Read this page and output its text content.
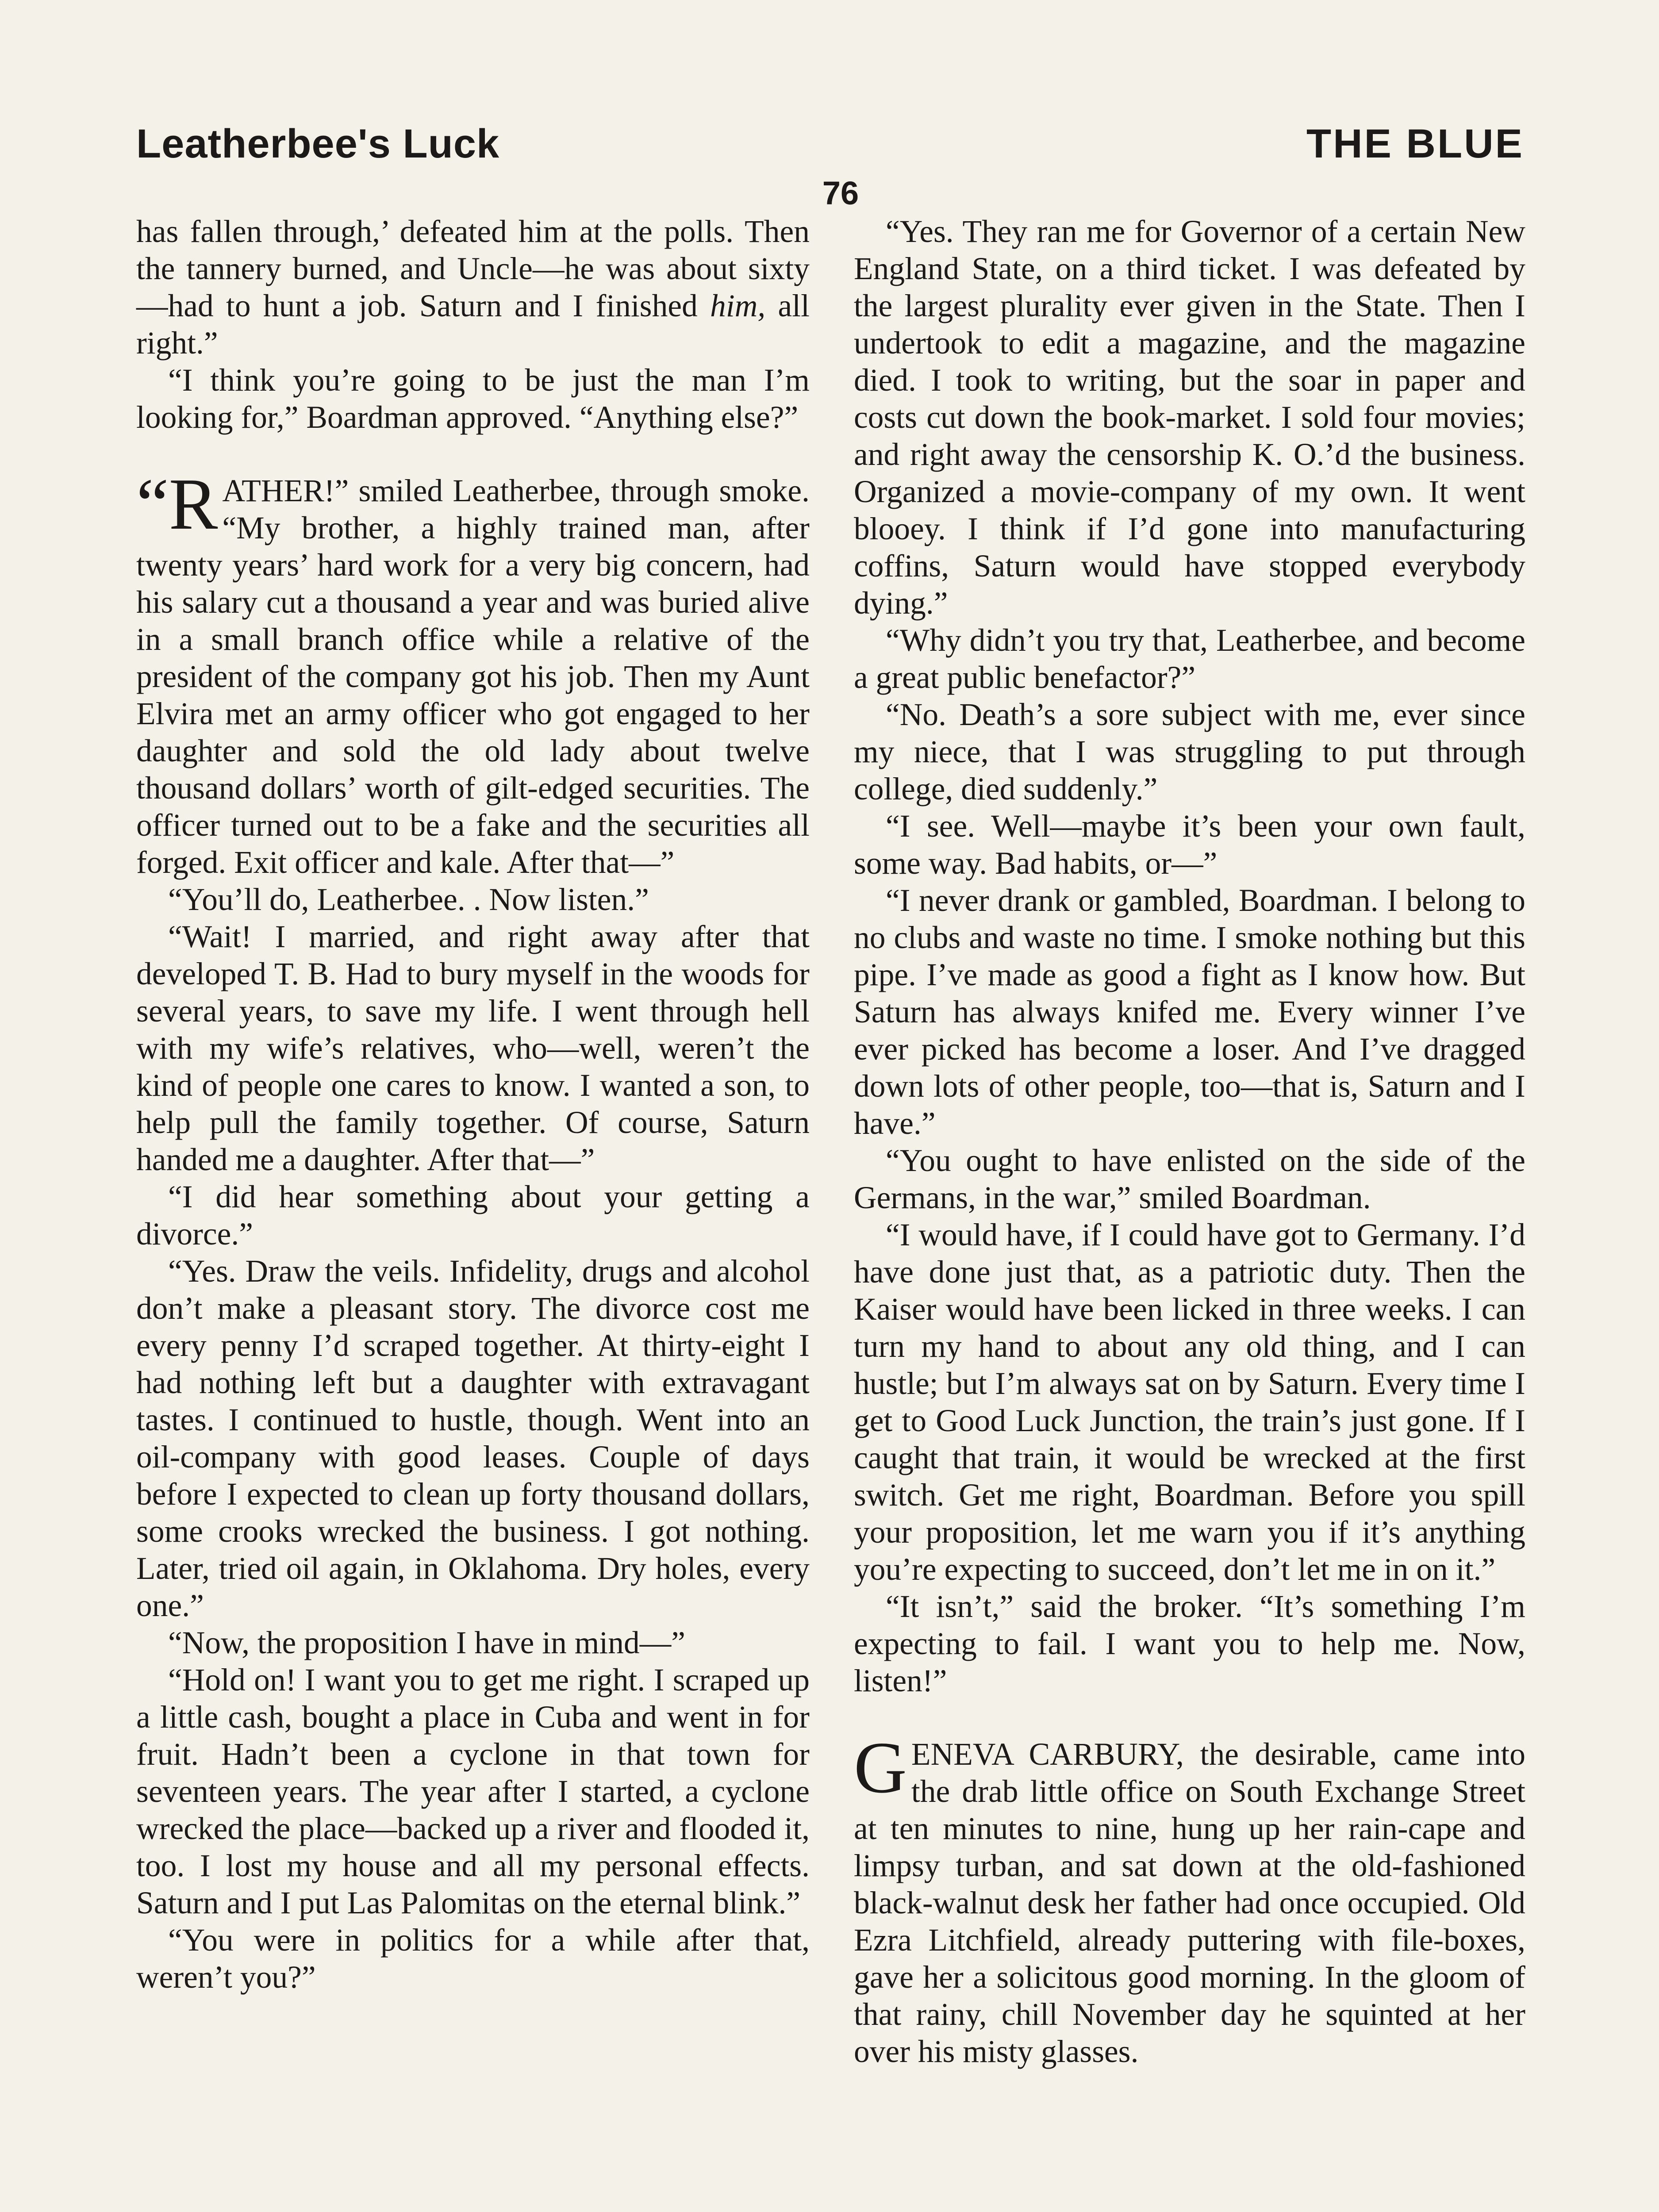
Leatherbee's Luck	THE BLUE
76

has fallen through,’ defeated him at the polls. Then the tannery burned, and Uncle—he was about sixty—had to hunt a job. Saturn and I finished him, all right.”

“I think you’re going to be just the man I’m looking for,” Boardman approved. “Anything else?”

“R ATHER!” smiled Leatherbee, through smoke. “My brother, a highly trained man, after twenty years’ hard work for a very big concern, had his salary cut a thousand a year and was buried alive in a small branch office while a relative of the president of the company got his job. Then my Aunt Elvira met an army officer who got engaged to her daughter and sold the old lady about twelve thousand dollars’ worth of gilt-edged securities. The officer turned out to be a fake and the securities all forged. Exit officer and kale. After that—”

“You’ll do, Leatherbee. . Now listen.”

“Wait! I married, and right away after that developed T. B. Had to bury myself in the woods for several years, to save my life. I went through hell with my wife’s relatives, who—well, weren’t the kind of people one cares to know. I wanted a son, to help pull the family together. Of course, Saturn handed me a daughter. After that—”

“I did hear something about your getting a divorce.”

“Yes. Draw the veils. Infidelity, drugs and alcohol don’t make a pleasant story. The divorce cost me every penny I’d scraped together. At thirty-eight I had nothing left but a daughter with extravagant tastes. I continued to hustle, though. Went into an oil-company with good leases. Couple of days before I expected to clean up forty thousand dollars, some crooks wrecked the business. I got nothing. Later, tried oil again, in Oklahoma. Dry holes, every one.”

“Now, the proposition I have in mind—”

“Hold on! I want you to get me right. I scraped up a little cash, bought a place in Cuba and went in for fruit. Hadn’t been a cyclone in that town for seventeen years. The year after I started, a cyclone wrecked the place—backed up a river and flooded it, too. I lost my house and all my personal effects. Saturn and I put Las Palomitas on the eternal blink.”

“You were in politics for a while after that, weren’t you?”

“Yes. They ran me for Governor of a certain New England State, on a third ticket. I was defeated by the largest plurality ever given in the State. Then I undertook to edit a magazine, and the magazine died. I took to writing, but the soar in paper and costs cut down the book-market. I sold four movies; and right away the censorship K. O.’d the business. Organized a movie-company of my own. It went blooey. I think if I’d gone into manufacturing coffins, Saturn would have stopped everybody dying.”

“Why didn’t you try that, Leatherbee, and become a great public benefactor?”

“No. Death’s a sore subject with me, ever since my niece, that I was struggling to put through college, died suddenly.”

“I see. Well—maybe it’s been your own fault, some way. Bad habits, or—”

“I never drank or gambled, Boardman. I belong to no clubs and waste no time. I smoke nothing but this pipe. I’ve made as good a fight as I know how. But Saturn has always knifed me. Every winner I’ve ever picked has become a loser. And I’ve dragged down lots of other people, too—that is, Saturn and I have.”

“You ought to have enlisted on the side of the Germans, in the war,” smiled Boardman.

“I would have, if I could have got to Germany. I’d have done just that, as a patriotic duty. Then the Kaiser would have been licked in three weeks. I can turn my hand to about any old thing, and I can hustle; but I’m always sat on by Saturn. Every time I get to Good Luck Junction, the train’s just gone. If I caught that train, it would be wrecked at the first switch. Get me right, Boardman. Before you spill your proposition, let me warn you if it’s anything you’re expecting to succeed, don’t let me in on it.”

“It isn’t,” said the broker. “It’s something I’m expecting to fail. I want you to help me. Now, listen!”

GENEVA CARBURY, the desirable, came into the drab little office on South Exchange Street at ten minutes to nine, hung up her rain-cape and limpsy turban, and sat down at the old-fashioned black-walnut desk her father had once occupied. Old Ezra Litchfield, already puttering with file-boxes, gave her a solicitous good morning. In the gloom of that rainy, chill November day he squinted at her over his misty glasses.
